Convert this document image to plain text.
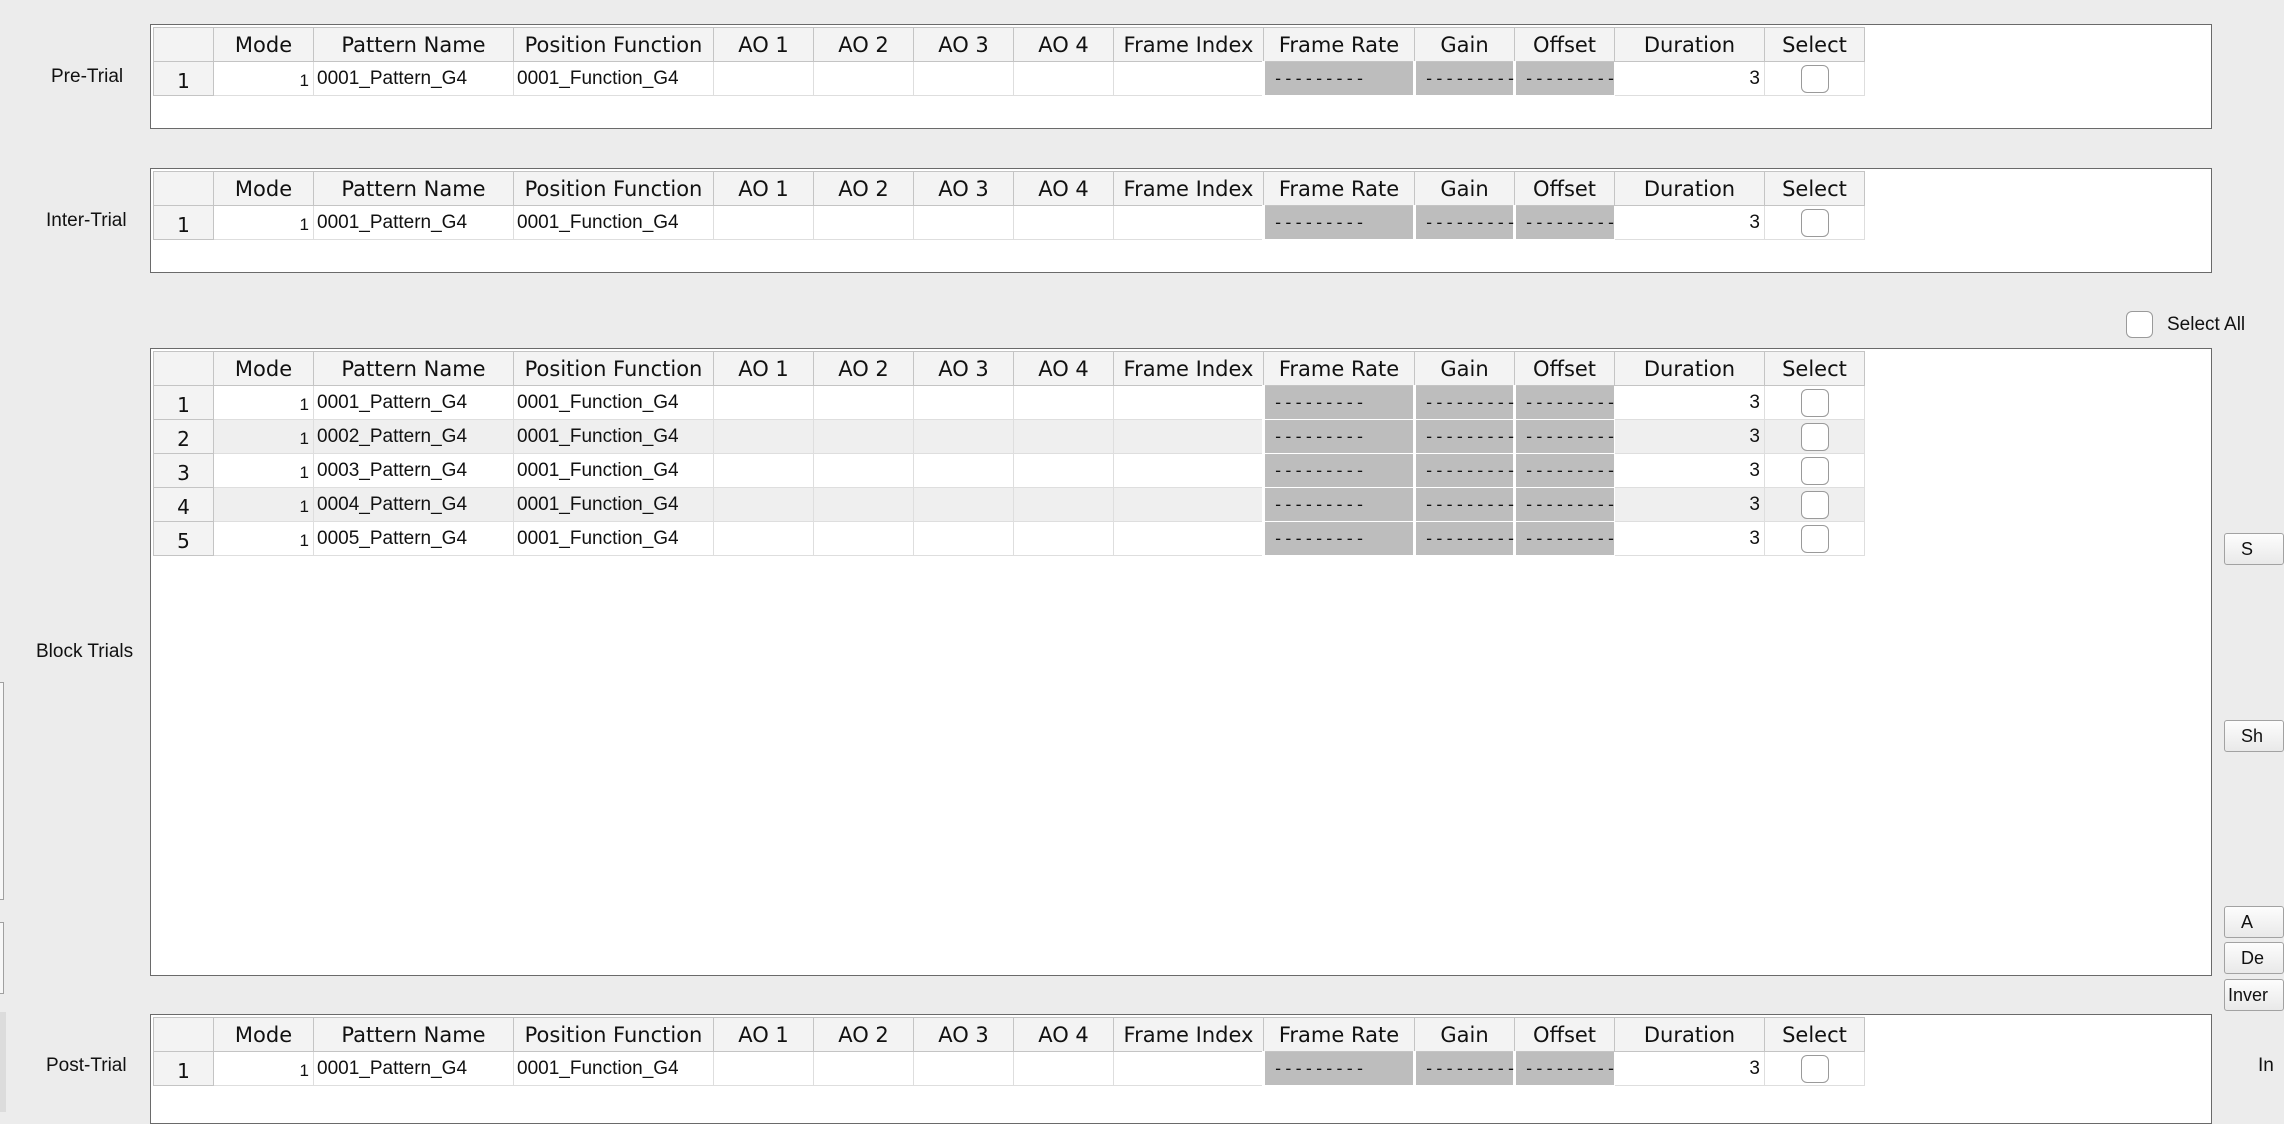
Pre-Trial
	Mode	Pattern Name	Position Function	AO 1	AO 2	AO 3	AO 4	Frame Index	Frame Rate	Gain	Offset	Duration	Select
1	1	0001_Pattern_G4	0001_Function_G4						---------	---------	---------	3	
Inter-Trial
	Mode	Pattern Name	Position Function	AO 1	AO 2	AO 3	AO 4	Frame Index	Frame Rate	Gain	Offset	Duration	Select
1	1	0001_Pattern_G4	0001_Function_G4						---------	---------	---------	3	
Select All
Block Trials
	Mode	Pattern Name	Position Function	AO 1	AO 2	AO 3	AO 4	Frame Index	Frame Rate	Gain	Offset	Duration	Select
1	1	0001_Pattern_G4	0001_Function_G4						---------	---------	---------	3	
2	1	0002_Pattern_G4	0001_Function_G4						---------	---------	---------	3	
3	1	0003_Pattern_G4	0001_Function_G4						---------	---------	---------	3	
4	1	0004_Pattern_G4	0001_Function_G4						---------	---------	---------	3	
5	1	0005_Pattern_G4	0001_Function_G4						---------	---------	---------	3	
Post-Trial
	Mode	Pattern Name	Position Function	AO 1	AO 2	AO 3	AO 4	Frame Index	Frame Rate	Gain	Offset	Duration	Select
1	1	0001_Pattern_G4	0001_Function_G4						---------	---------	---------	3	
S
Sh
A
De
Inver
In
